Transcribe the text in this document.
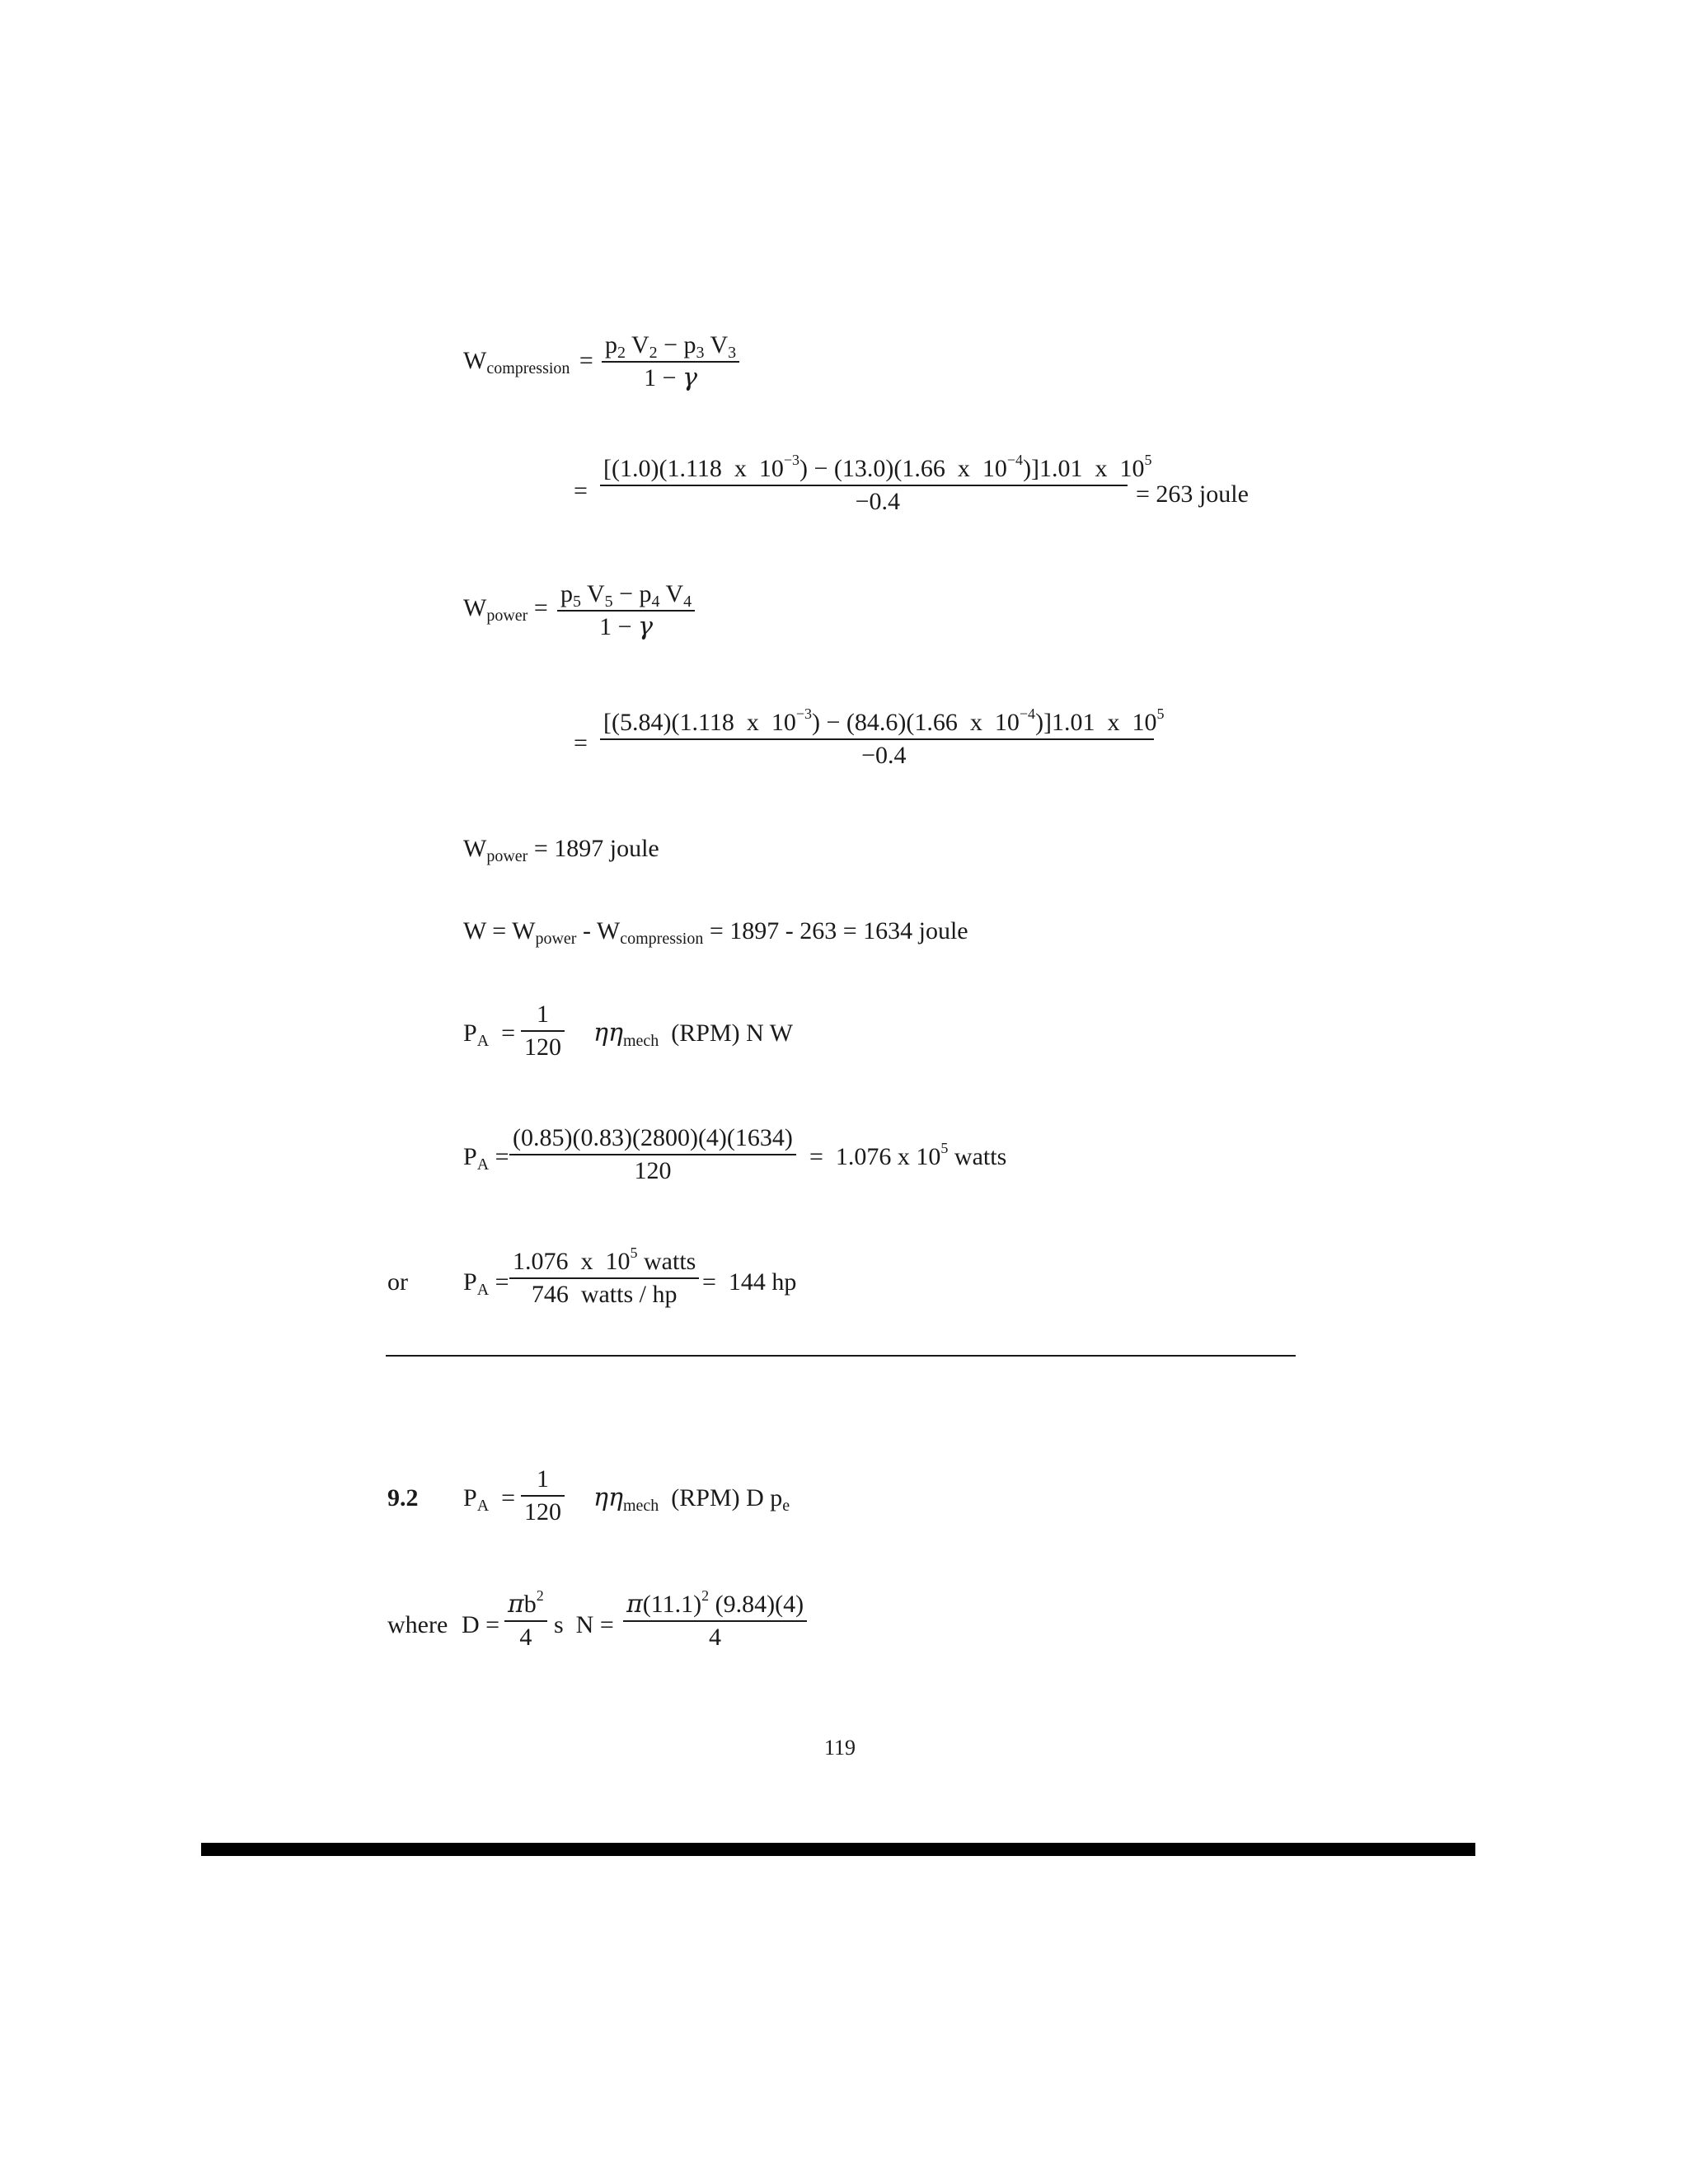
$W_{compression}$ =
$p_2$ $V_2 - p_3$ $V_3$
1 − γ
=
[(1.0)(1.118  x  $10^{-3}) - (13.0)(1.66$  x  $10^{-4})]1.01$  x  $10^5$
−0.4	= 263 joule
$W_{power}$ =
$p_5$ $V_5 - p_4$ $V_4$
1 − γ
=
[(5.84)(1.118  x  $10^{-3}) - (84.6)(1.66$  x  $10^{-4})]1.01$  x  $10^5$
−0.4
$W_{power} = 1897$ joule
$W = W_{power} - W_{compression} = 1897 - 263 = 1634$ joule
$P_A$  =
1
120 $\eta\eta_{mech}$  (RPM) N W
$P_A$ =
(0.85)(0.83)(2800)(4)(1634)
120
=  1.076 x $10^5$ watts
or $P_A$ =
1.076  x  $10^5$ watts
746  watts / hp	=  144 hp
9.2 $P_A$  =
1
120 $\eta\eta_{mech}$  (RPM) D $p_e$
where D =
$\pi b^2$
4 s  N =
$\pi(11.1)^2$ (9.84)(4)
4
119
